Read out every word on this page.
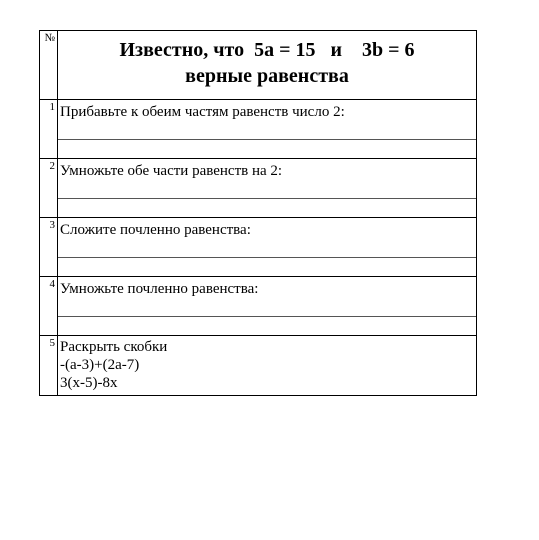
№	Известно, что  5a = 15   и    3b = 6
верные равенства

1	Прибавьте к обеим частям равенств число 2:

2	Умножьте обе части равенств на 2:

3	Сложите почленно равенства:

4	Умножьте почленно равенства:

5	Раскрыть скобки
-(a-3)+(2a-7)
3(x-5)-8x
